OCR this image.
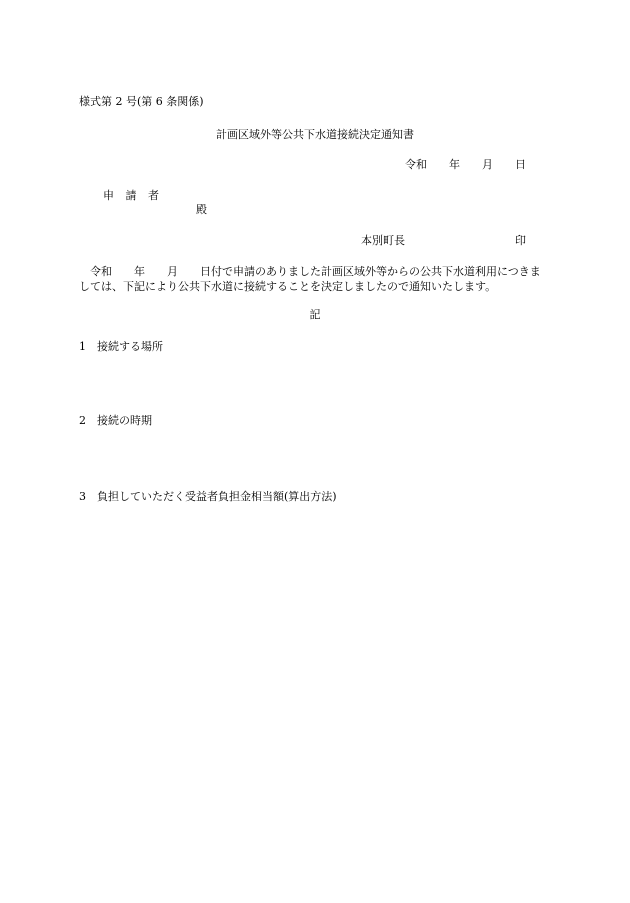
様式第 2 号(第 6 条関係)
計画区域外等公共下水道接続決定通知書
令和 年 月 日
申 請 者
殿
本別町長	印
令和 年 月 日付で申請のありました計画区域外等からの公共下水道利用につきましては、下記により公共下水道に接続することを決定しましたので通知いたします。
記
1 接続する場所
2 接続の時期
3 負担していただく受益者負担金相当額(算出方法)
